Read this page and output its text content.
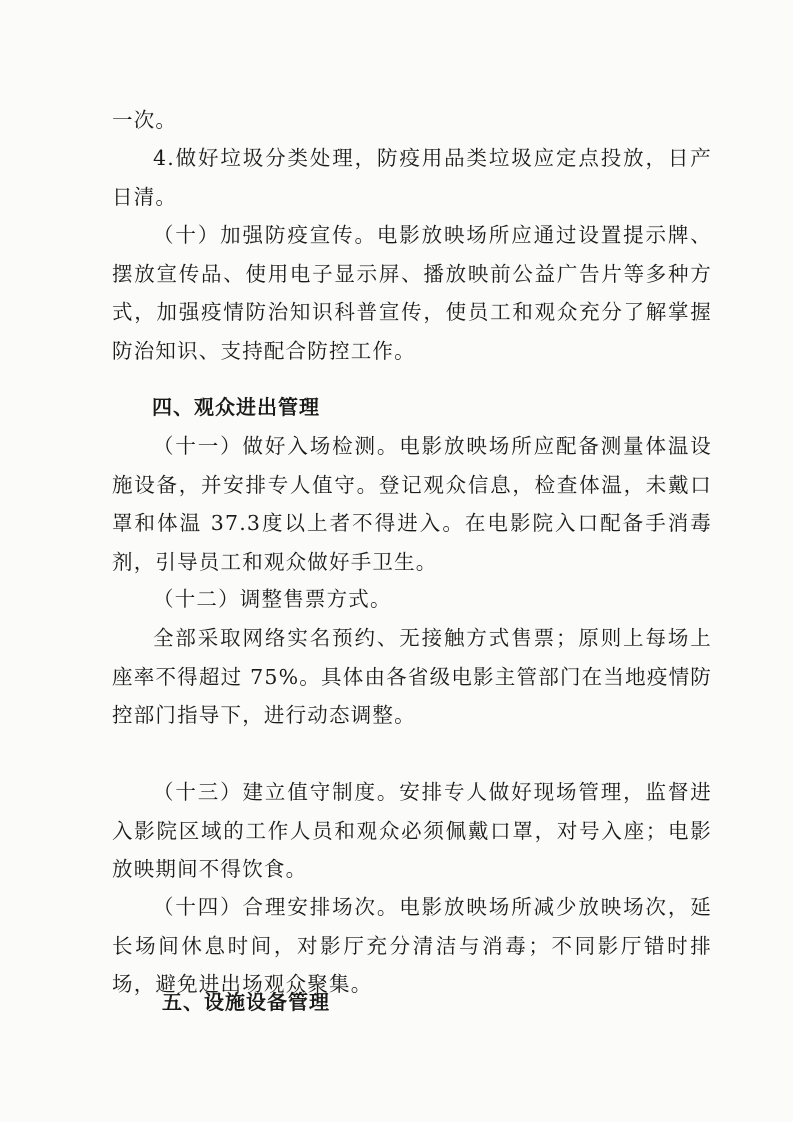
一次。

4.做好垃圾分类处理，防疫用品类垃圾应定点投放，日产日清。

（十）加强防疫宣传。电影放映场所应通过设置提示牌、摆放宣传品、使用电子显示屏、播放映前公益广告片等多种方式，加强疫情防治知识科普宣传，使员工和观众充分了解掌握防治知识、支持配合防控工作。

四、观众进出管理

（十一）做好入场检测。电影放映场所应配备测量体温设施设备，并安排专人值守。登记观众信息，检查体温，未戴口罩和体温 37.3度以上者不得进入。在电影院入口配备手消毒剂，引导员工和观众做好手卫生。

（十二）调整售票方式。

全部采取网络实名预约、无接触方式售票；原则上每场上座率不得超过 75%。具体由各省级电影主管部门在当地疫情防控部门指导下，进行动态调整。

（十三）建立值守制度。安排专人做好现场管理，监督进入影院区域的工作人员和观众必须佩戴口罩，对号入座；电影放映期间不得饮食。

（十四）合理安排场次。电影放映场所减少放映场次，延长场间休息时间，对影厅充分清洁与消毒；不同影厅错时排场，避免进出场观众聚集。

五、设施设备管理
